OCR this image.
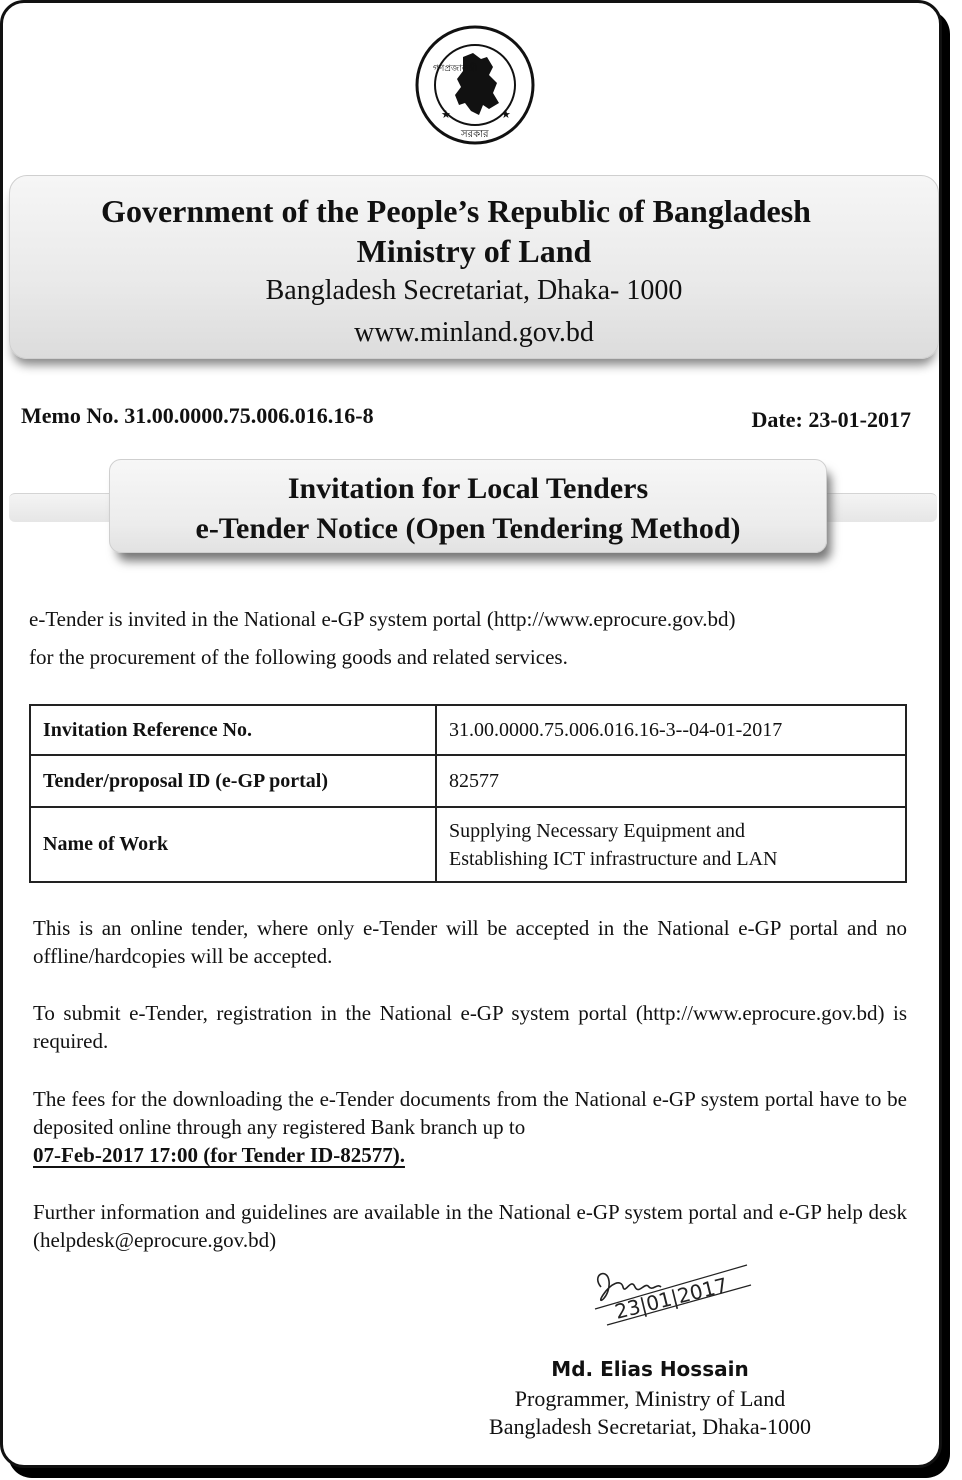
★	★
গণপ্রজাতন্ত্রী
সরকার
Government of the People’s Republic of Bangladesh
Ministry of Land
Bangladesh Secretariat, Dhaka- 1000
www.minland.gov.bd
Memo No. 31.00.0000.75.006.016.16-8	Date: 23-01-2017
Invitation for Local Tenders
e-Tender Notice (Open Tendering Method)
e-Tender is invited in the National e-GP system portal (http://www.eprocure.gov.bd)
for the procurement of the following goods and related services.
Invitation Reference No.	31.00.0000.75.006.016.16-3--04-01-2017
Tender/proposal ID (e-GP portal)	82577
Name of Work	Supplying Necessary Equipment and
Establishing ICT infrastructure and LAN
This is an online tender, where only e-Tender will be accepted in the National e-GP portal and no offline/hardcopies will be accepted.
To submit e-Tender, registration in the National e-GP system portal (http://www.eprocure.gov.bd) is required.
The fees for the downloading the e-Tender documents from the National e-GP system portal have to be deposited online through any registered Bank branch up to
07-Feb-2017 17:00 (for Tender ID-82577).
Further information and guidelines are available in the National e-GP system portal and e-GP help desk (helpdesk@eprocure.gov.bd)
23|01|2017
Md. Elias Hossain
Programmer, Ministry of Land
Bangladesh Secretariat, Dhaka-1000
